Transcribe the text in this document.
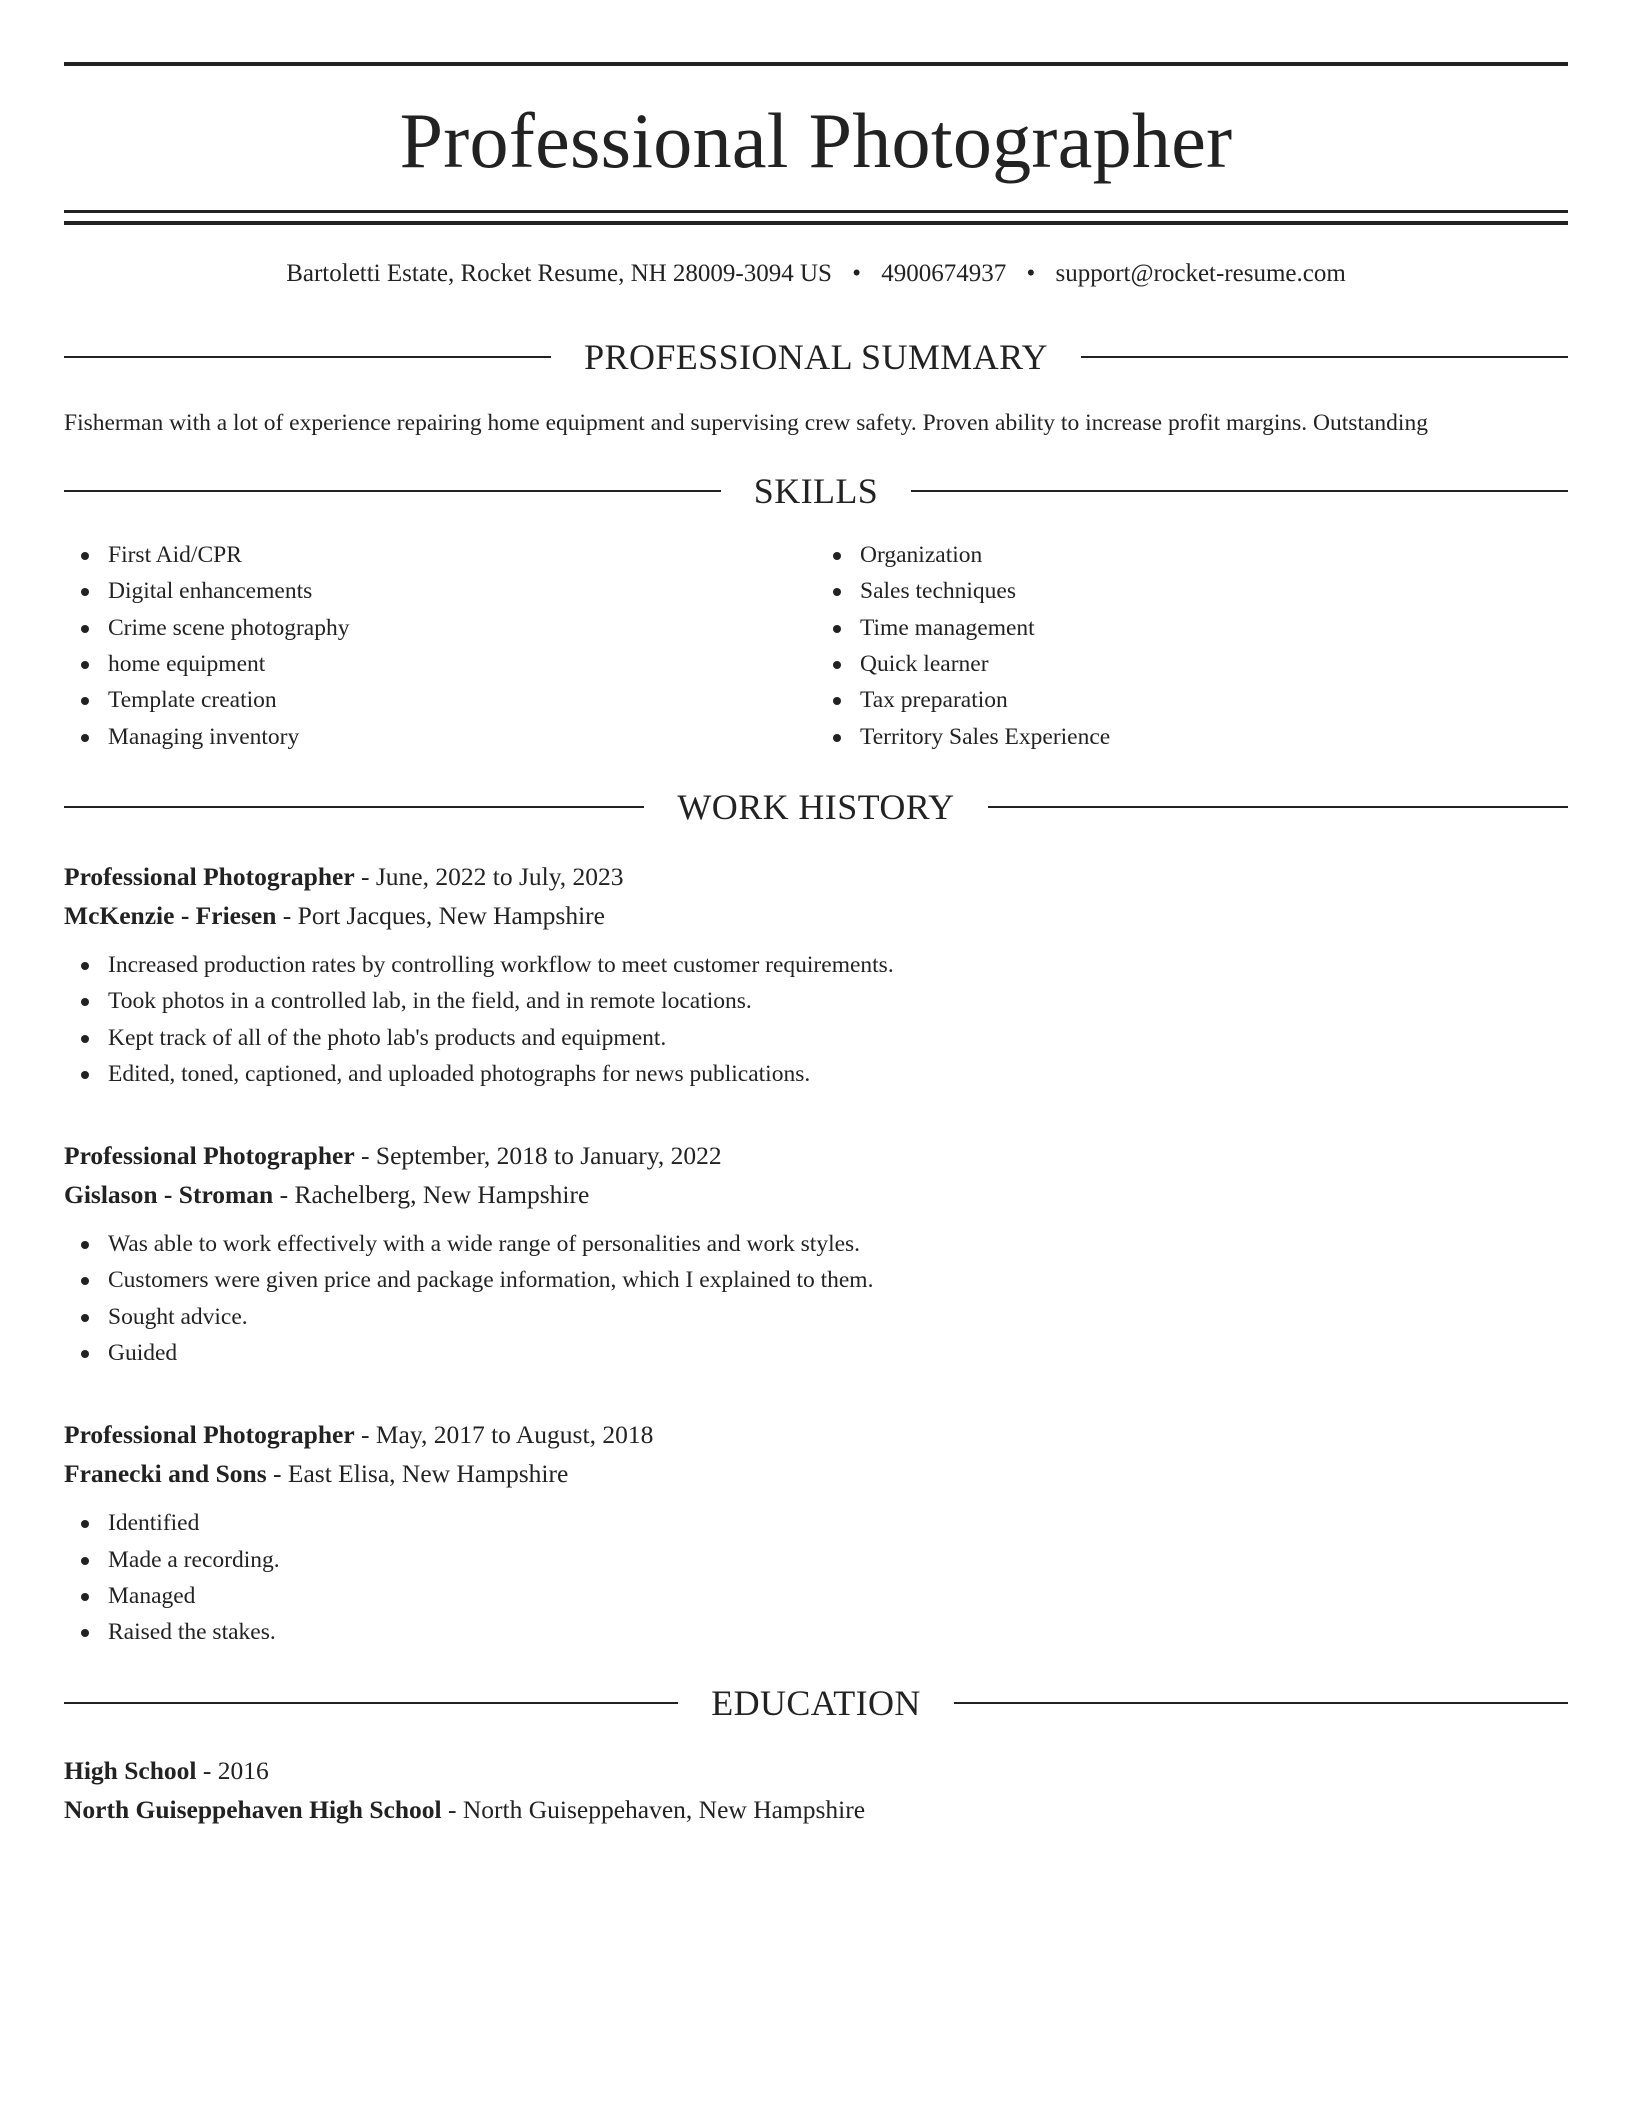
Professional Photographer
Bartoletti Estate, Rocket Resume, NH 28009-3094 US • 4900674937 • support@rocket-resume.com
PROFESSIONAL SUMMARY
Fisherman with a lot of experience repairing home equipment and supervising crew safety. Proven ability to increase profit margins. Outstanding
SKILLS
First Aid/CPR
Digital enhancements
Crime scene photography
home equipment
Template creation
Managing inventory
Organization
Sales techniques
Time management
Quick learner
Tax preparation
Territory Sales Experience
WORK HISTORY
Professional Photographer - June, 2022 to July, 2023
McKenzie - Friesen - Port Jacques, New Hampshire
Increased production rates by controlling workflow to meet customer requirements.
Took photos in a controlled lab, in the field, and in remote locations.
Kept track of all of the photo lab's products and equipment.
Edited, toned, captioned, and uploaded photographs for news publications.
Professional Photographer - September, 2018 to January, 2022
Gislason - Stroman - Rachelberg, New Hampshire
Was able to work effectively with a wide range of personalities and work styles.
Customers were given price and package information, which I explained to them.
Sought advice.
Guided
Professional Photographer - May, 2017 to August, 2018
Franecki and Sons - East Elisa, New Hampshire
Identified
Made a recording.
Managed
Raised the stakes.
EDUCATION
High School - 2016
North Guiseppehaven High School - North Guiseppehaven, New Hampshire
